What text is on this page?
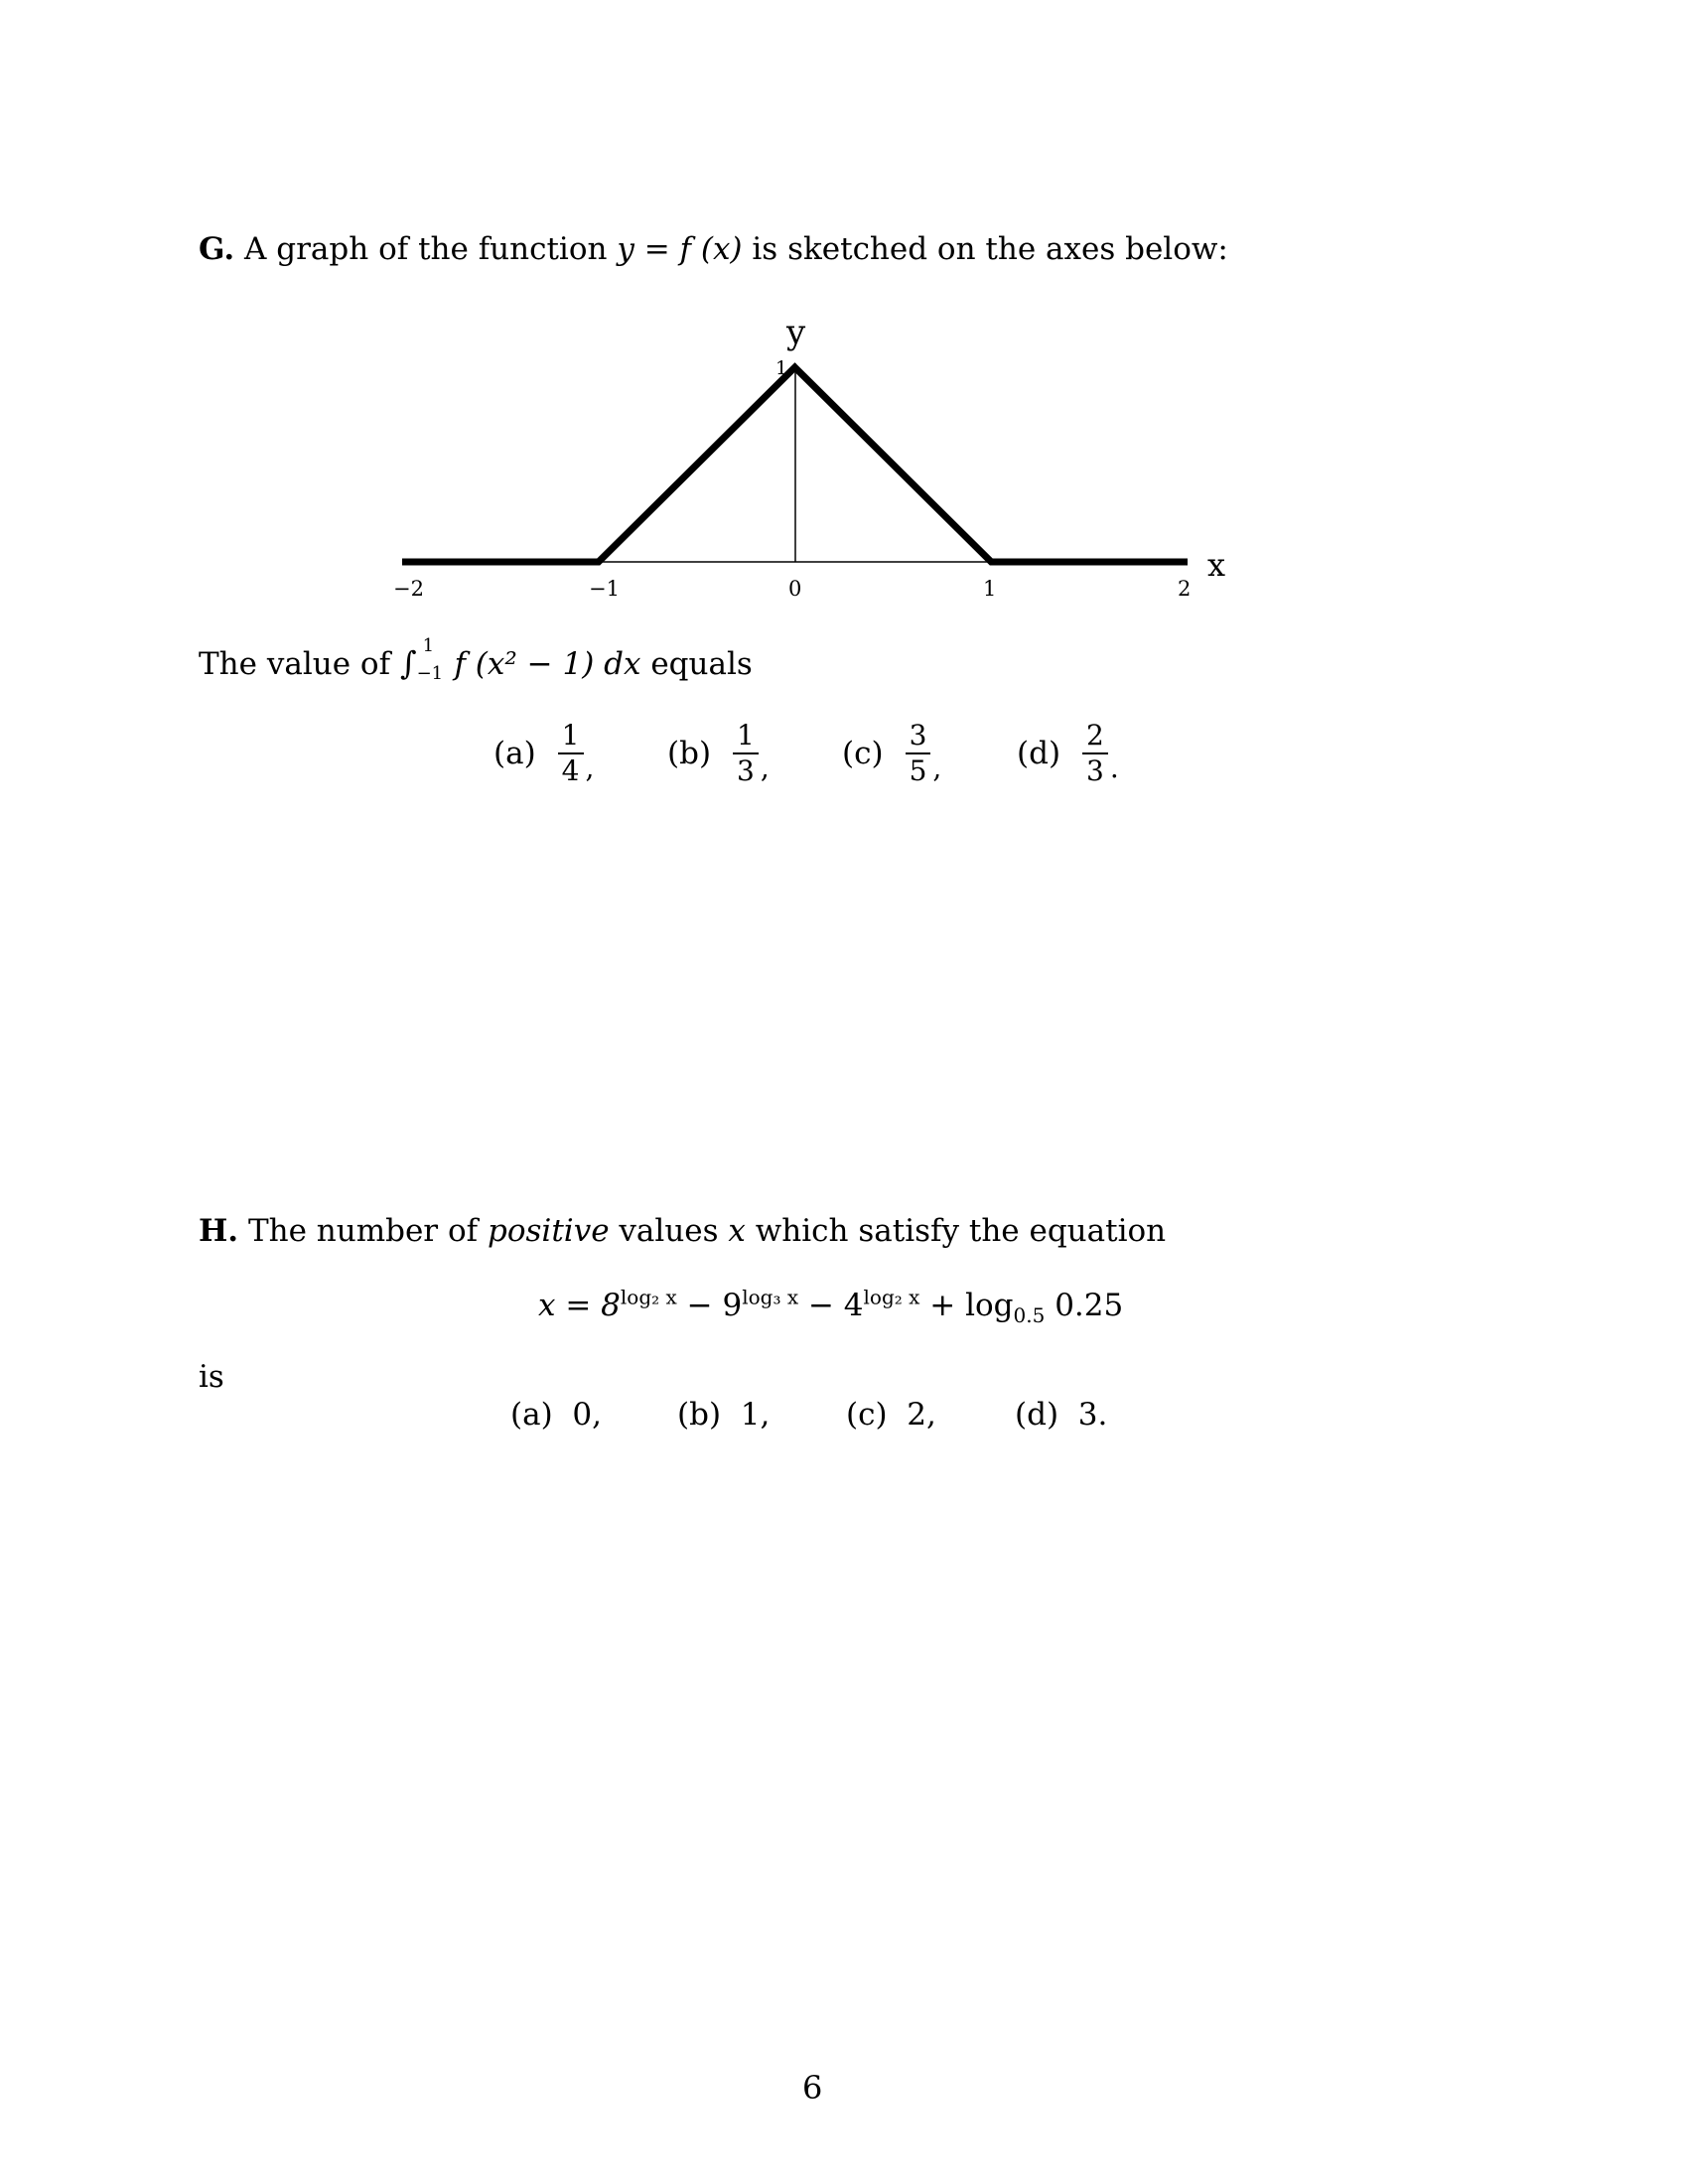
G. A graph of the function y = f (x) is sketched on the axes below:
y
x
1
−2	−1	0	1	2
The value of ∫ 1
−1 f (x² − 1) dx equals
$(a) \frac{1}{4}$ , $(b) \frac{1}{3}$ , $(c) \frac{3}{5}$ , $(d) \frac{2}{3}$ .
H. The number of positive values x which satisfy the equation
$x = 8^{log_2 x} - 9^{log_3 x} - 4^{log_2 x} + \log_{0.5} 0.25$
is
(a) 0, (b) 1, (c) 2,	(d) 3.
6
